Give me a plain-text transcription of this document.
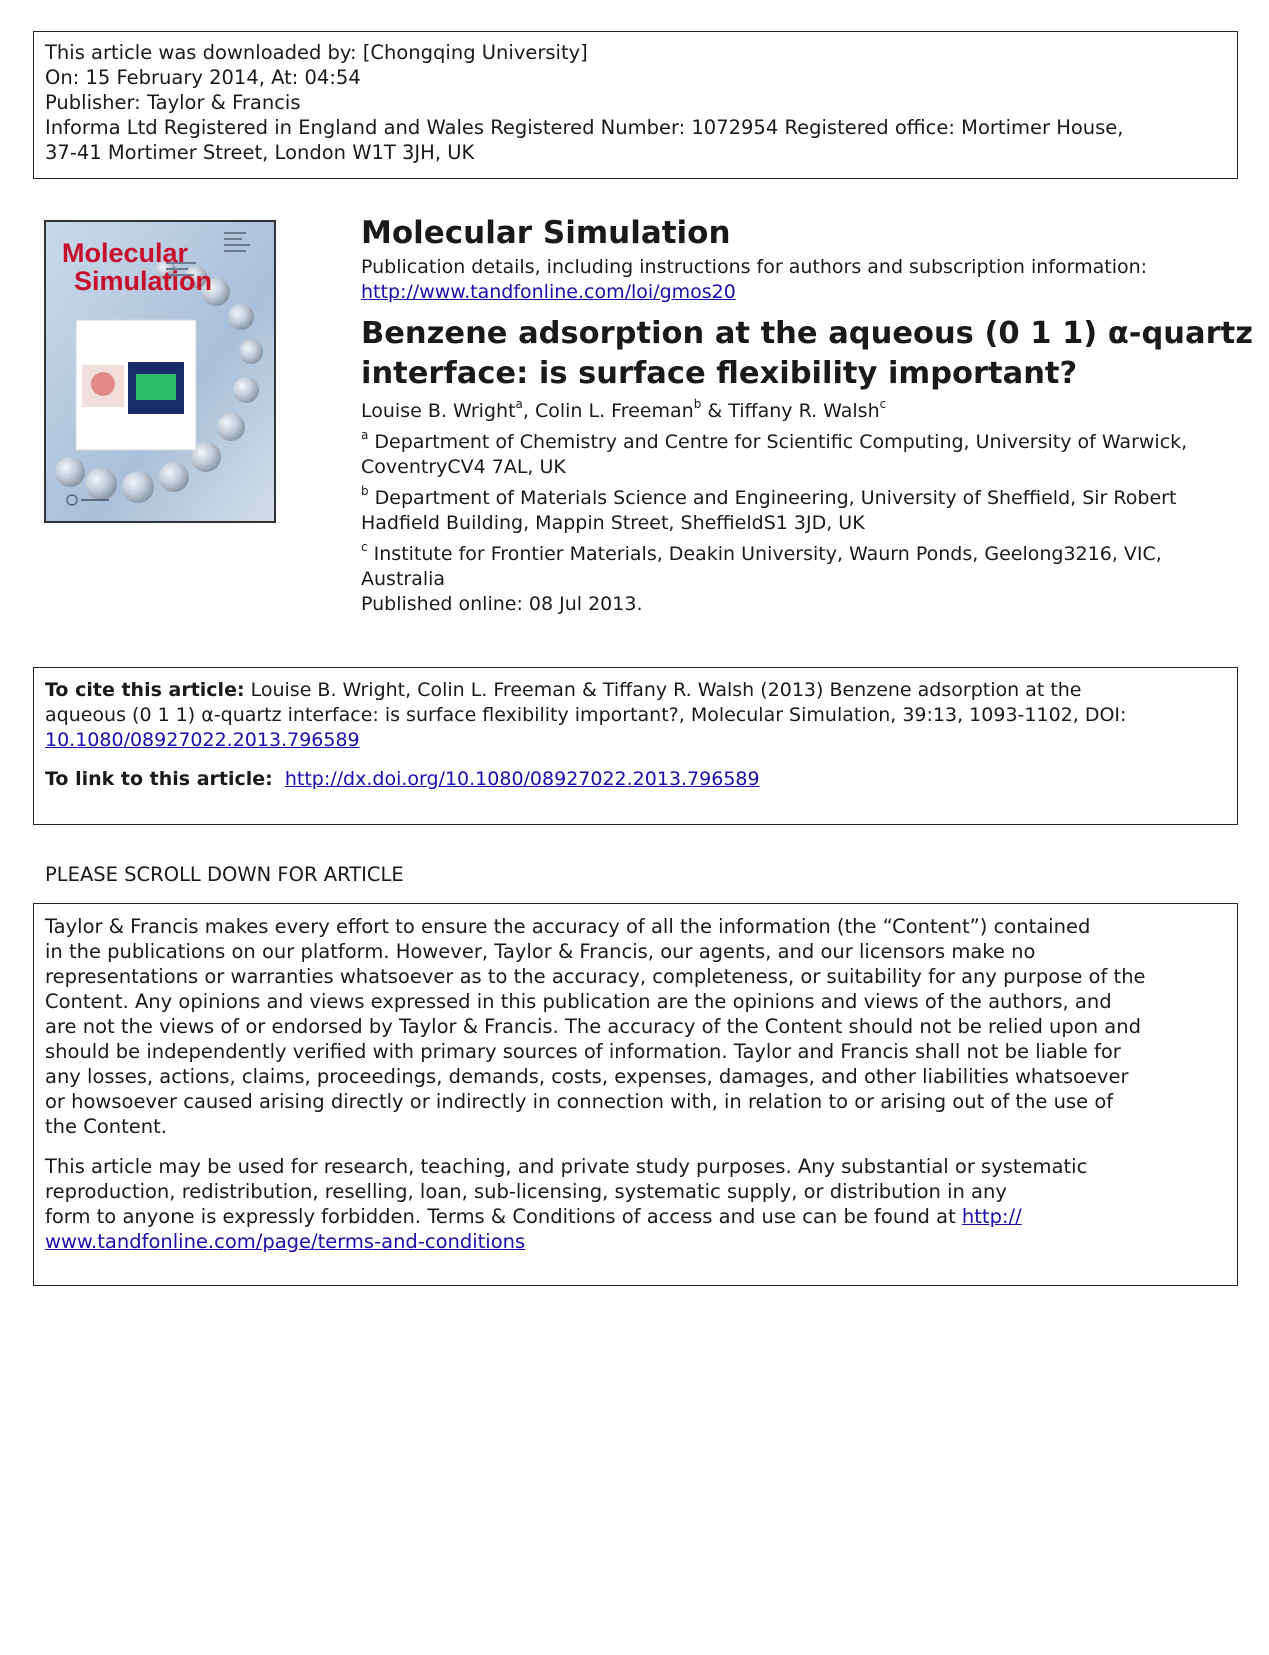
This article was downloaded by: [Chongqing University]
On: 15 February 2014, At: 04:54
Publisher: Taylor & Francis
Informa Ltd Registered in England and Wales Registered Number: 1072954 Registered office: Mortimer House,
37-41 Mortimer Street, London W1T 3JH, UK
Molecular
Simulation
Molecular Simulation
Publication details, including instructions for authors and subscription information:
http://www.tandfonline.com/loi/gmos20
Benzene adsorption at the aqueous (0 1 1) α-quartz
interface: is surface flexibility important?
Louise B. Wright$^a$, Colin L. Freeman$^b$ & Tiffany R. Walsh$^c$
$^a$ Department of Chemistry and Centre for Scientific Computing, University of Warwick,
CoventryCV4 7AL, UK
$^b$ Department of Materials Science and Engineering, University of Sheffield, Sir Robert
Hadfield Building, Mappin Street, SheffieldS1 3JD, UK
$^c$ Institute for Frontier Materials, Deakin University, Waurn Ponds, Geelong3216, VIC,
Australia
Published online: 08 Jul 2013.
To cite this article: Louise B. Wright, Colin L. Freeman & Tiffany R. Walsh (2013) Benzene adsorption at the
aqueous (0 1 1) α-quartz interface: is surface flexibility important?, Molecular Simulation, 39:13, 1093-1102, DOI:
10.1080/08927022.2013.796589
To link to this article: http://dx.doi.org/10.1080/08927022.2013.796589
PLEASE SCROLL DOWN FOR ARTICLE
Taylor & Francis makes every effort to ensure the accuracy of all the information (the “Content”) contained
in the publications on our platform. However, Taylor & Francis, our agents, and our licensors make no
representations or warranties whatsoever as to the accuracy, completeness, or suitability for any purpose of the
Content. Any opinions and views expressed in this publication are the opinions and views of the authors, and
are not the views of or endorsed by Taylor & Francis. The accuracy of the Content should not be relied upon and
should be independently verified with primary sources of information. Taylor and Francis shall not be liable for
any losses, actions, claims, proceedings, demands, costs, expenses, damages, and other liabilities whatsoever
or howsoever caused arising directly or indirectly in connection with, in relation to or arising out of the use of
the Content.
This article may be used for research, teaching, and private study purposes. Any substantial or systematic
reproduction, redistribution, reselling, loan, sub-licensing, systematic supply, or distribution in any
form to anyone is expressly forbidden. Terms & Conditions of access and use can be found at http://
www.tandfonline.com/page/terms-and-conditions
